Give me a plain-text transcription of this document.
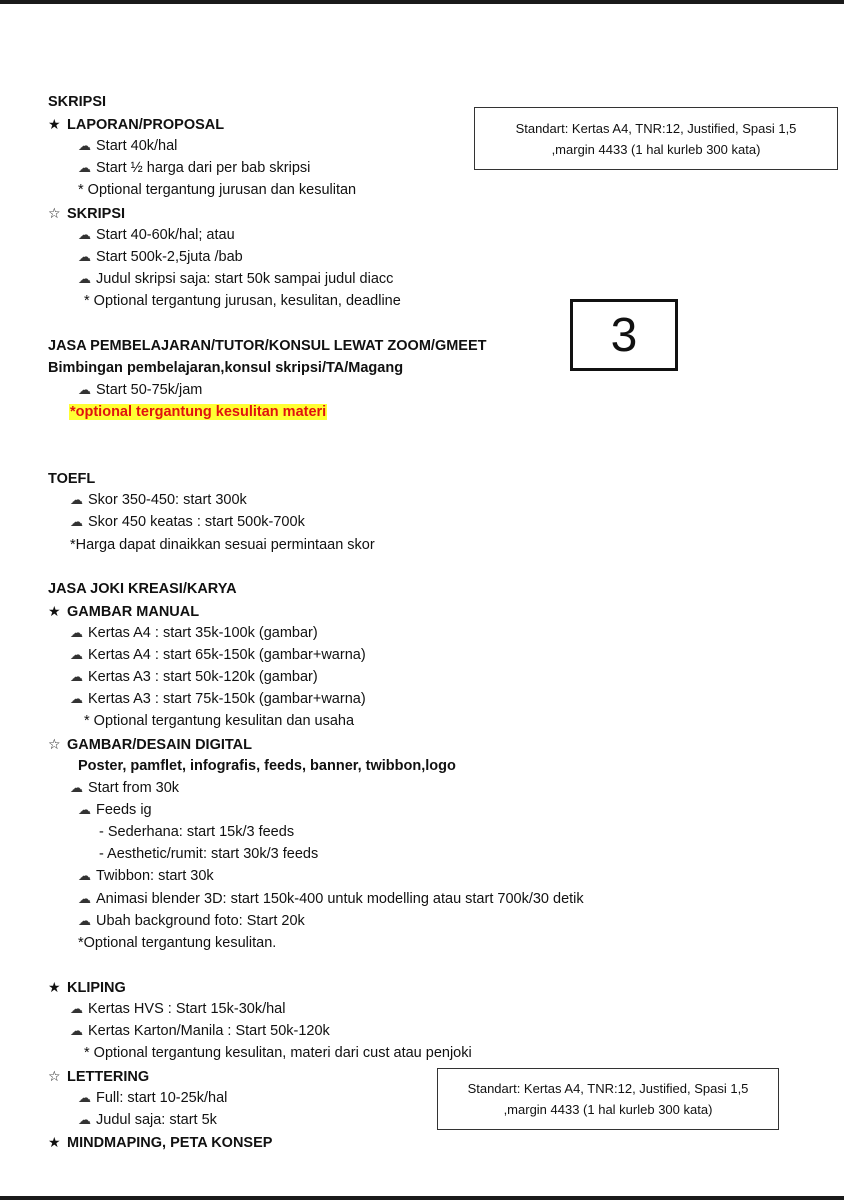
SKRIPSI
★ LAPORAN/PROPOSAL
☁ Start 40k/hal
☁ Start ½ harga dari per bab skripsi
* Optional tergantung jurusan dan kesulitan
☆ SKRIPSI
☁ Start 40-60k/hal; atau
☁ Start 500k-2,5juta /bab
☁ Judul skripsi saja: start 50k sampai judul diacc
* Optional tergantung jurusan, kesulitan, deadline
JASA PEMBELAJARAN/TUTOR/KONSUL LEWAT ZOOM/GMEET
Bimbingan pembelajaran,konsul skripsi/TA/Magang
☁ Start 50-75k/jam
*optional tergantung kesulitan materi
TOEFL
☁ Skor 350-450: start 300k
☁ Skor 450 keatas : start 500k-700k
*Harga dapat dinaikkan sesuai permintaan skor
JASA JOKI KREASI/KARYA
★ GAMBAR MANUAL
☁ Kertas A4 : start 35k-100k (gambar)
☁ Kertas A4 : start 65k-150k (gambar+warna)
☁ Kertas A3 : start 50k-120k (gambar)
☁ Kertas A3 : start 75k-150k (gambar+warna)
* Optional tergantung kesulitan dan usaha
☆ GAMBAR/DESAIN DIGITAL
Poster, pamflet, infografis, feeds, banner, twibbon,logo
☁ Start from 30k
☁ Feeds ig
- Sederhana: start 15k/3 feeds
- Aesthetic/rumit: start 30k/3 feeds
☁ Twibbon: start 30k
☁ Animasi blender 3D: start 150k-400 untuk modelling atau start 700k/30 detik
☁ Ubah background foto: Start 20k
*Optional tergantung kesulitan.
★ KLIPING
☁ Kertas HVS : Start 15k-30k/hal
☁ Kertas Karton/Manila : Start 50k-120k
* Optional tergantung kesulitan, materi dari cust atau penjoki
☆ LETTERING
☁ Full: start 10-25k/hal
☁ Judul saja: start 5k
★ MINDMAPING, PETA KONSEP
Standart: Kertas A4, TNR:12, Justified, Spasi 1,5
,margin 4433 (1 hal kurleb 300 kata)
Standart: Kertas A4, TNR:12, Justified, Spasi 1,5
,margin 4433 (1 hal kurleb 300 kata)
3
